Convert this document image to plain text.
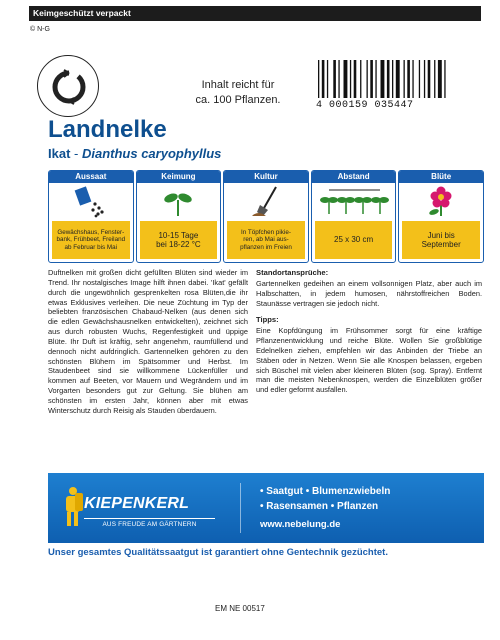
Keimgeschützt verpackt
© N-G
Inhalt reicht für
ca. 100 Pflanzen.	4 000159 035447
Landnelke
Ikat - Dianthus caryophyllus
Aussaat
Gewächshaus, Fenster-
bank, Frühbeet, Freiland
ab Februar bis Mai
Keimung
10-15 Tage
bei 18-22 °C
Kultur
In Töpfchen pikie-
ren, ab Mai aus-
pflanzen im Freien
Abstand
25 x 30 cm
Blüte
Juni bis
September
Duftnelken mit großen dicht gefüllten Blüten sind wieder im Trend. Ihr nostalgisches Image hilft ihnen dabei. 'Ikat' gefällt durch die ungewöhnlich gesprenkelten rosa Blüten,die ihr etwas Exklusives verleihen. Die neue Züchtung im Typ der beliebten französischen Chabaud-Nelken (aus denen sich die edlen Gewächshausnelken entwickelten), zeichnet sich aus durch robusten Wuchs, Regenfestigkeit und üppige Blüte. Ihr Duft ist kräftig, sehr angenehm, raumfüllend und dennoch nicht aufdringlich. Gartennelken gehören zu den schönsten Blühern im Spätsommer und Herbst. Im Staudenbeet sind sie willkommene Lückenfüller und kommen auf Beeten, vor Mauern und Wegrändern und im Vorgarten besonders gut zur Geltung. Sie blühen am schönsten im ersten Jahr, können aber mit etwas Winterschutz durch Reisig als Stauden überdauern.
Standortansprüche:

Gartennelken gedeihen an einem vollsonnigen Platz, aber auch im Halbschatten, in jedem humosen, nährstoffreichen Boden. Staunässe vertragen sie jedoch nicht.

Tipps:

Eine Kopfdüngung im Frühsommer sorgt für eine kräftige Pflanzenentwicklung und reiche Blüte. Wollen Sie großblütige Edelnelken ziehen, empfehlen wir das Anbinden der Triebe an Stäben oder in Netzen. Wenn Sie alle Knospen belassen, ergeben sich Büschel mit vielen aber kleineren Blüten (sog. Spray). Entfernt man die meisten Nebenknospen, werden die Einzelblüten größer und edler geformt ausfallen.

KIEPENKERL
AUS FREUDE AM GÄRTNERN
• Saatgut • Blumenzwiebeln
• Rasensamen • Pflanzen
www.nebelung.de
Unser gesamtes Qualitätssaatgut ist garantiert ohne Gentechnik gezüchtet.
EM NE 00517
